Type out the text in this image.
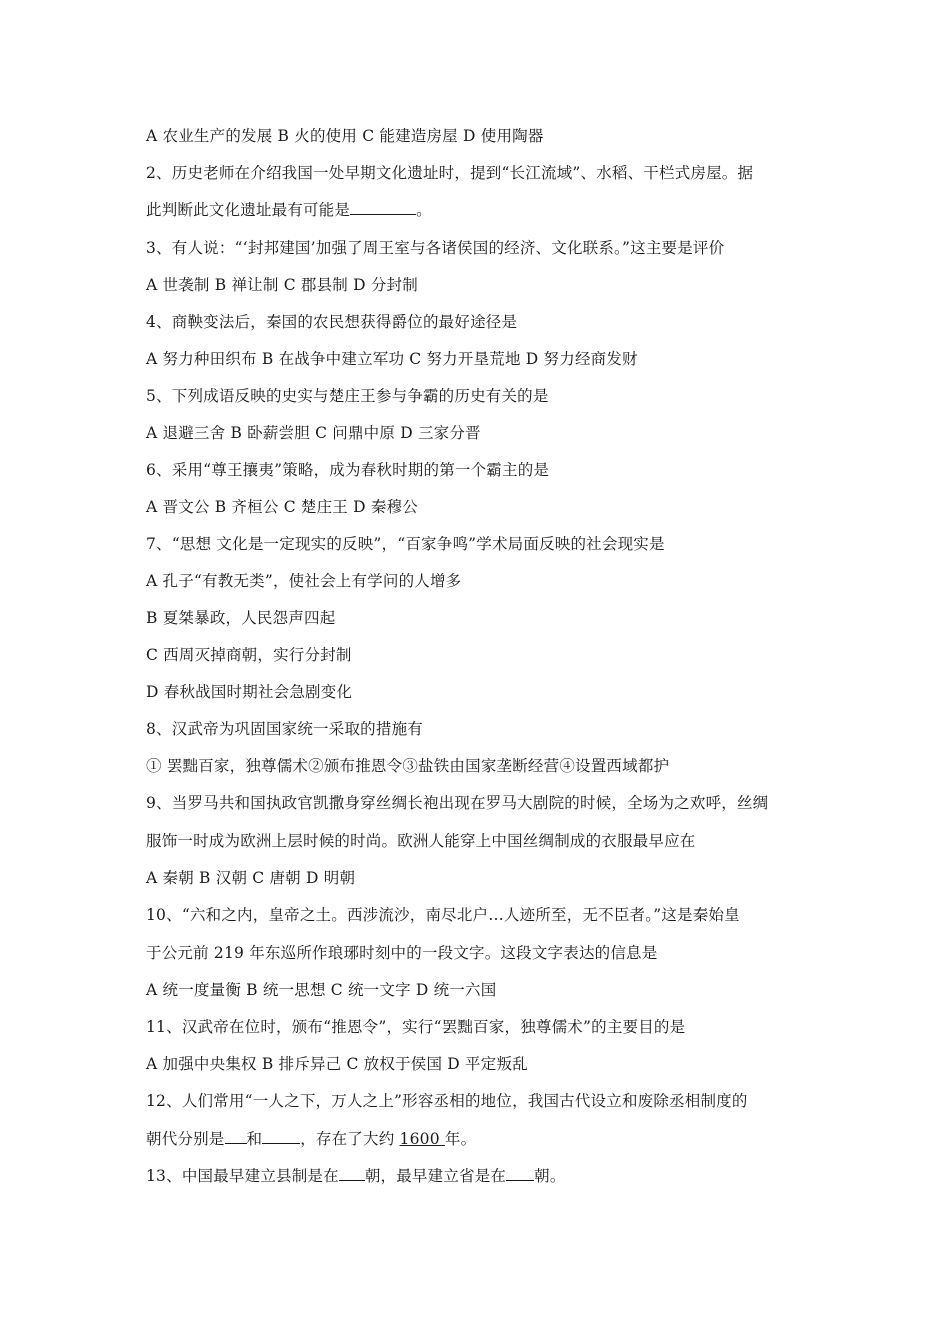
A 农业生产的发展 B 火的使用 C 能建造房屋 D 使用陶器
2、历史老师在介绍我国一处早期文化遗址时，提到“长江流域”、水稻、干栏式房屋。据
此判断此文化遗址最有可能是	。
3、有人说：“‘封邦建国’加强了周王室与各诸侯国的经济、文化联系。”这主要是评价
A 世袭制 B 禅让制 C 郡县制 D 分封制
4、商鞅变法后，秦国的农民想获得爵位的最好途径是
A 努力种田织布 B 在战争中建立军功 C 努力开垦荒地 D 努力经商发财
5、下列成语反映的史实与楚庄王参与争霸的历史有关的是
A 退避三舍 B 卧薪尝胆 C 问鼎中原 D 三家分晋
6、采用“尊王攘夷”策略，成为春秋时期的第一个霸主的是
A 晋文公 B 齐桓公 C 楚庄王 D 秦穆公
7、“思想 文化是一定现实的反映”，“百家争鸣”学术局面反映的社会现实是
A 孔子“有教无类”，使社会上有学问的人增多
B 夏桀暴政，人民怨声四起
C 西周灭掉商朝，实行分封制
D 春秋战国时期社会急剧变化
8、汉武帝为巩固国家统一采取的措施有
① 罢黜百家，独尊儒术②颁布推恩令③盐铁由国家垄断经营④设置西域都护
9、当罗马共和国执政官凯撒身穿丝绸长袍出现在罗马大剧院的时候，全场为之欢呼，丝绸
服饰一时成为欧洲上层时候的时尚。欧洲人能穿上中国丝绸制成的衣服最早应在
A 秦朝 B 汉朝 C 唐朝 D 明朝
10、“六和之内，皇帝之土。西涉流沙，南尽北户…人迹所至，无不臣者。”这是秦始皇
于公元前 219 年东巡所作琅琊时刻中的一段文字。这段文字表达的信息是
A 统一度量衡 B 统一思想 C 统一文字 D 统一六国
11、汉武帝在位时，颁布“推恩令”，实行“罢黜百家，独尊儒术”的主要目的是
A 加强中央集权 B 排斥异己 C 放权于侯国 D 平定叛乱
12、人们常用“一人之下，万人之上”形容丞相的地位，我国古代设立和废除丞相制度的
朝代分别是 和 ，存在了大约 1600 年。
13、中国最早建立县制是在 朝，最早建立省是在 朝。
